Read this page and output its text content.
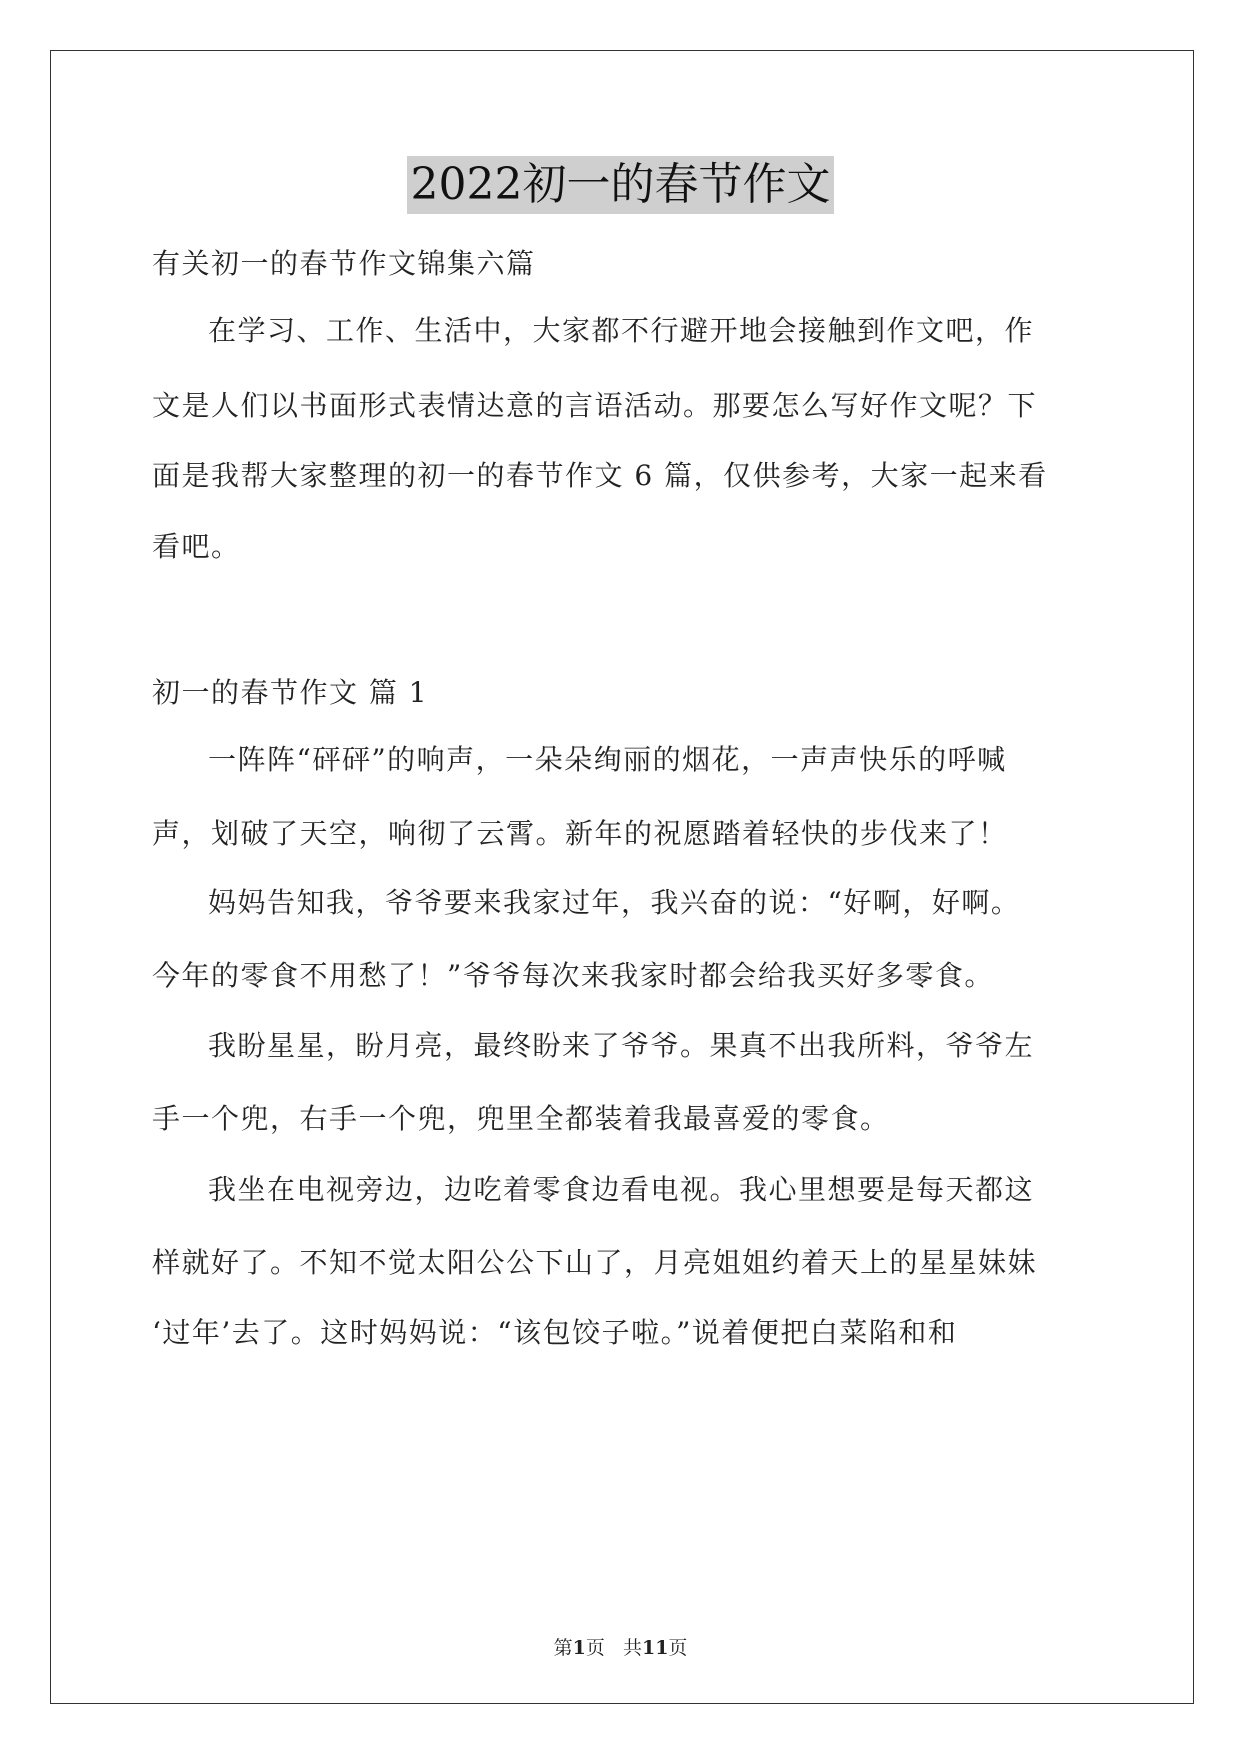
2022初一的春节作文
有关初一的春节作文锦集六篇
在学习、工作、生活中，大家都不行避开地会接触到作文吧，作
文是人们以书面形式表情达意的言语活动。那要怎么写好作文呢？下
面是我帮大家整理的初一的春节作文 6 篇，仅供参考，大家一起来看
看吧。
初一的春节作文 篇 1
一阵阵“砰砰”的响声，一朵朵绚丽的烟花，一声声快乐的呼喊
声，划破了天空，响彻了云霄。新年的祝愿踏着轻快的步伐来了！
妈妈告知我，爷爷要来我家过年，我兴奋的说：“好啊，好啊。
今年的零食不用愁了！”爷爷每次来我家时都会给我买好多零食。
我盼星星，盼月亮，最终盼来了爷爷。果真不出我所料，爷爷左
手一个兜，右手一个兜，兜里全都装着我最喜爱的零食。
我坐在电视旁边，边吃着零食边看电视。我心里想要是每天都这
样就好了。不知不觉太阳公公下山了，月亮姐姐约着天上的星星妹妹
‘过年’去了。这时妈妈说：“该包饺子啦。”说着便把白菜陷和和
第1页 共11页
